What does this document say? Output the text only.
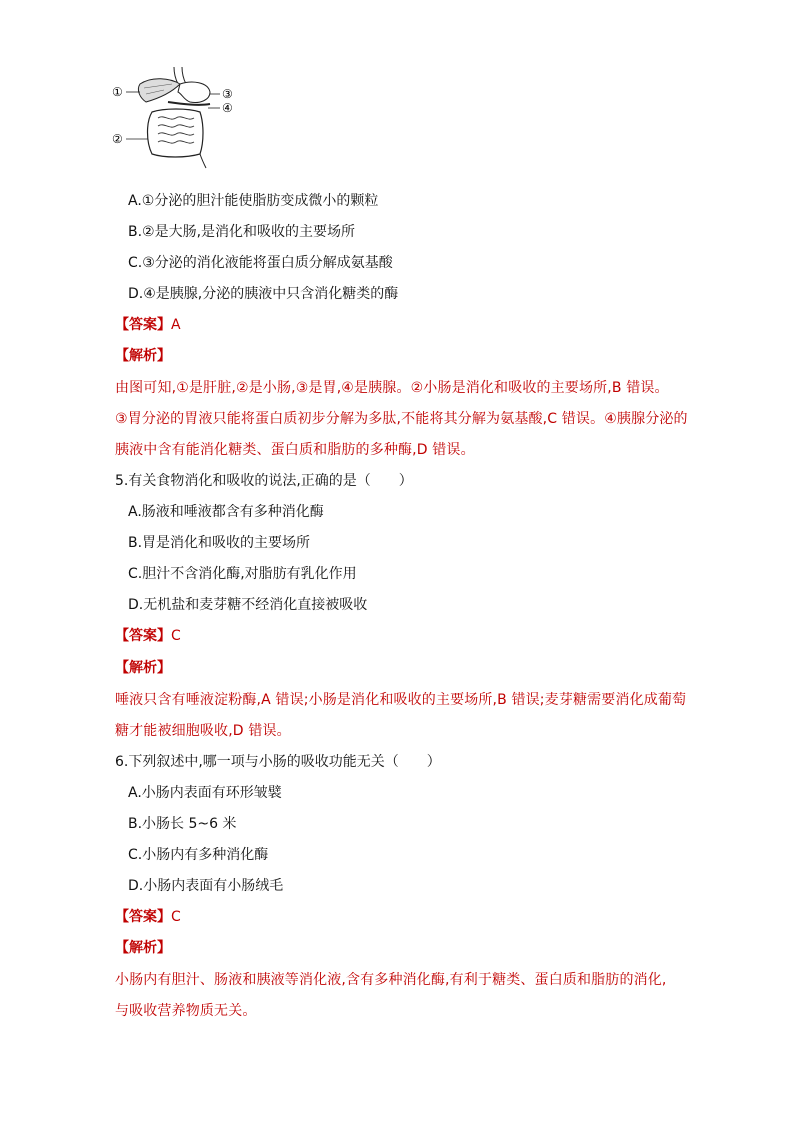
①
②
③
④
A.①分泌的胆汁能使脂肪变成微小的颗粒
B.②是大肠,是消化和吸收的主要场所
C.③分泌的消化液能将蛋白质分解成氨基酸
D.④是胰腺,分泌的胰液中只含消化糖类的酶
【答案】A
【解析】
由图可知,①是肝脏,②是小肠,③是胃,④是胰腺。②小肠是消化和吸收的主要场所,B 错误。
③胃分泌的胃液只能将蛋白质初步分解为多肽,不能将其分解为氨基酸,C 错误。④胰腺分泌的
胰液中含有能消化糖类、蛋白质和脂肪的多种酶,D 错误。
5.有关食物消化和吸收的说法,正确的是（　　）
A.肠液和唾液都含有多种消化酶
B.胃是消化和吸收的主要场所
C.胆汁不含消化酶,对脂肪有乳化作用
D.无机盐和麦芽糖不经消化直接被吸收
【答案】C
【解析】
唾液只含有唾液淀粉酶,A 错误;小肠是消化和吸收的主要场所,B 错误;麦芽糖需要消化成葡萄
糖才能被细胞吸收,D 错误。
6.下列叙述中,哪一项与小肠的吸收功能无关（　　）
A.小肠内表面有环形皱襞
B.小肠长 5~6 米
C.小肠内有多种消化酶
D.小肠内表面有小肠绒毛
【答案】C
【解析】
小肠内有胆汁、肠液和胰液等消化液,含有多种消化酶,有利于糖类、蛋白质和脂肪的消化,
与吸收营养物质无关。
